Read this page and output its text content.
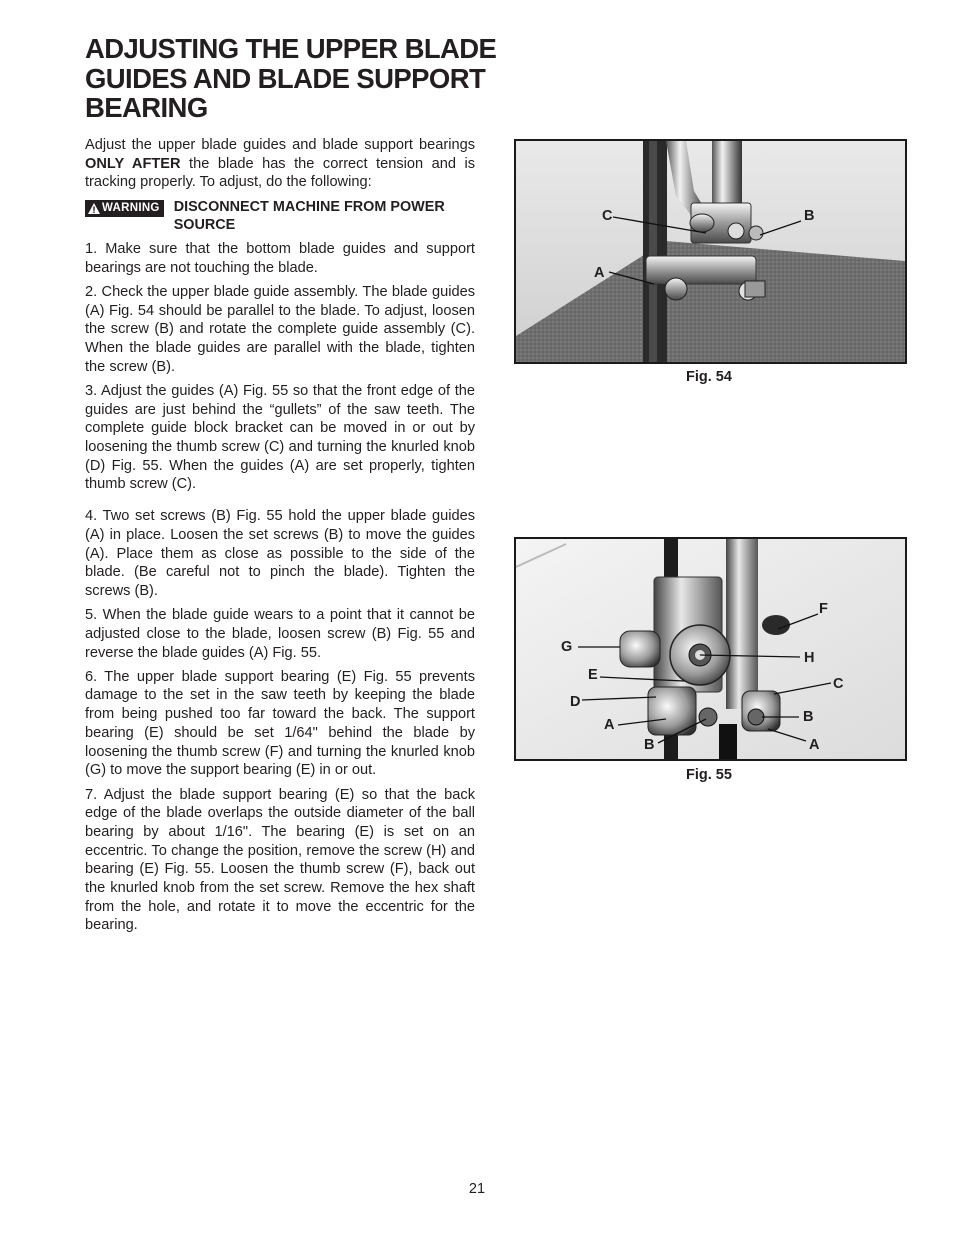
ADJUSTING THE UPPER BLADE GUIDES AND BLADE SUPPORT BEARING

Adjust the upper blade guides and blade support bearings ONLY AFTER the blade has the correct tension and is tracking properly. To adjust, do the following:

WARNING DISCONNECT MACHINE FROM POWER SOURCE

1. Make sure that the bottom blade guides and support bearings are not touching the blade.

2. Check the upper blade guide assembly. The blade guides (A) Fig. 54 should be parallel to the blade. To adjust, loosen the screw (B) and rotate the complete guide assembly (C). When the blade guides are parallel with the blade, tighten the screw (B).

3. Adjust the guides (A) Fig. 55 so that the front edge of the guides are just behind the “gullets” of the saw teeth. The complete guide block bracket can be moved in or out by loosening the thumb screw (C) and turning the knurled knob (D) Fig. 55. When the guides (A) are set properly, tighten thumb screw (C).

4. Two set screws (B) Fig. 55 hold the upper blade guides (A) in place. Loosen the set screws (B) to move the guides (A). Place them as close as possible to the side of the blade. (Be careful not to pinch the blade). Tighten the screws (B).

5. When the blade guide wears to a point that it cannot be adjusted close to the blade, loosen screw (B) Fig. 55 and reverse the blade guides (A) Fig. 55.

6. The upper blade support bearing (E) Fig. 55 prevents damage to the set in the saw teeth by keeping the blade from being pushed too far toward the back. The support bearing (E) should be set 1/64" behind the blade by loosening the thumb screw (F) and turning the knurled knob (G) to move the support bearing (E) in or out.

7. Adjust the blade support bearing (E) so that the back edge of the blade overlaps the outside diameter of the ball bearing by about 1/16". The bearing (E) is set on an eccentric. To change the position, remove the screw (H) and bearing (E) Fig. 55. Loosen the thumb screw (F), back out the knurled knob from the set screw. Remove the hex shaft from the hole, and rotate it to move the eccentric for the bearing.

C	B
A
Fig. 54
F
G
H
E
C
D
A	B
B	A
Fig. 55
21
